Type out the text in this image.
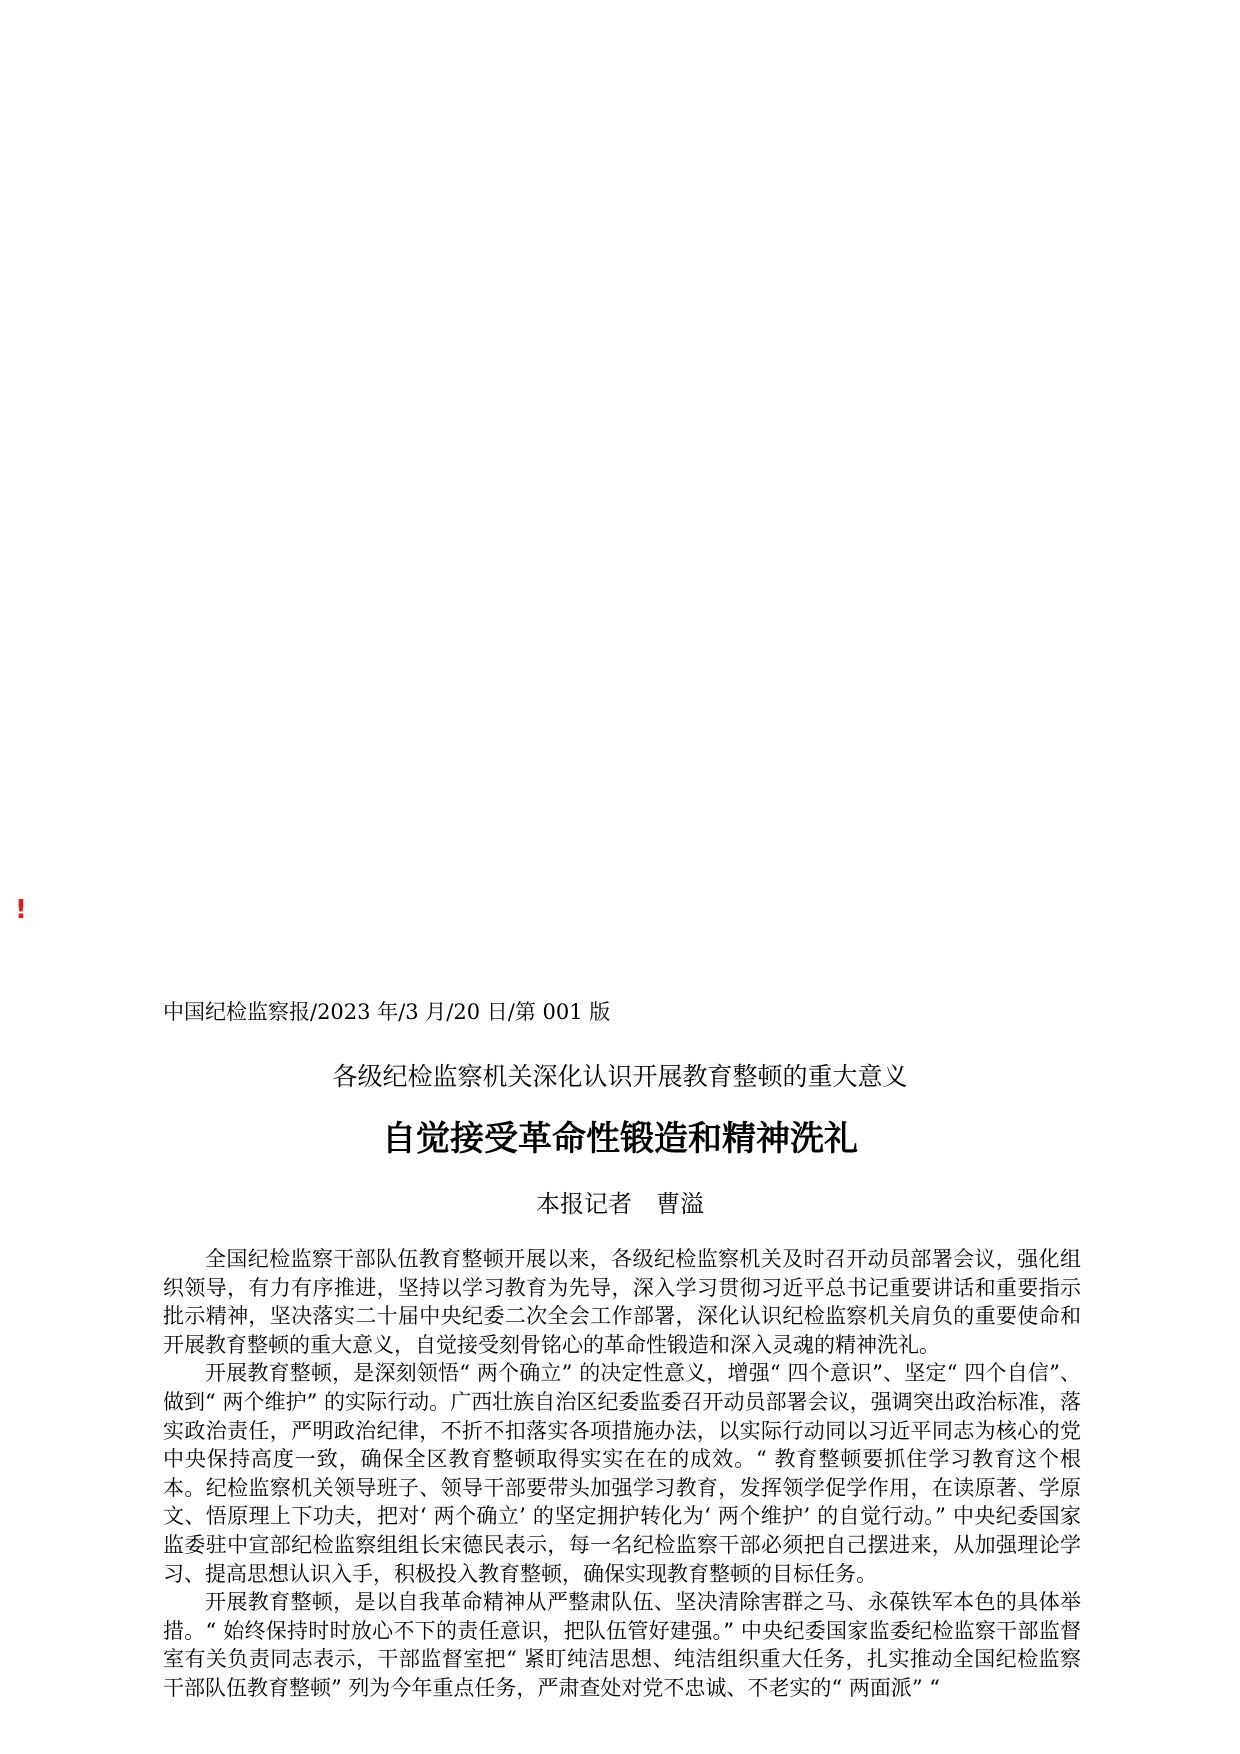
!
中国纪检监察报/2023 年/3 月/20 日/第 001 版
各级纪检监察机关深化认识开展教育整顿的重大意义
自觉接受革命性锻造和精神洗礼
本报记者　曹溢

全国纪检监察干部队伍教育整顿开展以来，各级纪检监察机关及时召开动员部署会议，强化组织领导，有力有序推进，坚持以学习教育为先导，深入学习贯彻习近平总书记重要讲话和重要指示批示精神，坚决落实二十届中央纪委二次全会工作部署，深化认识纪检监察机关肩负的重要使命和开展教育整顿的重大意义，自觉接受刻骨铭心的革命性锻造和深入灵魂的精神洗礼。

开展教育整顿，是深刻领悟“ 两个确立” 的决定性意义，增强“ 四个意识”、坚定“ 四个自信”、做到“ 两个维护” 的实际行动。广西壮族自治区纪委监委召开动员部署会议，强调突出政治标准，落实政治责任，严明政治纪律，不折不扣落实各项措施办法，以实际行动同以习近平同志为核心的党中央保持高度一致，确保全区教育整顿取得实实在在的成效。“ 教育整顿要抓住学习教育这个根本。纪检监察机关领导班子、领导干部要带头加强学习教育，发挥领学促学作用，在读原著、学原文、悟原理上下功夫，把对‘ 两个确立’ 的坚定拥护转化为‘ 两个维护’ 的自觉行动。” 中央纪委国家监委驻中宣部纪检监察组组长宋德民表示，每一名纪检监察干部必须把自己摆进来，从加强理论学习、提高思想认识入手，积极投入教育整顿，确保实现教育整顿的目标任务。

开展教育整顿，是以自我革命精神从严整肃队伍、坚决清除害群之马、永葆铁军本色的具体举措。“ 始终保持时时放心不下的责任意识，把队伍管好建强。” 中央纪委国家监委纪检监察干部监督室有关负责同志表示，干部监督室把“ 紧盯纯洁思想、纯洁组织重大任务，扎实推动全国纪检监察干部队伍教育整顿” 列为今年重点任务，严肃查处对党不忠诚、不老实的“ 两面派” “
